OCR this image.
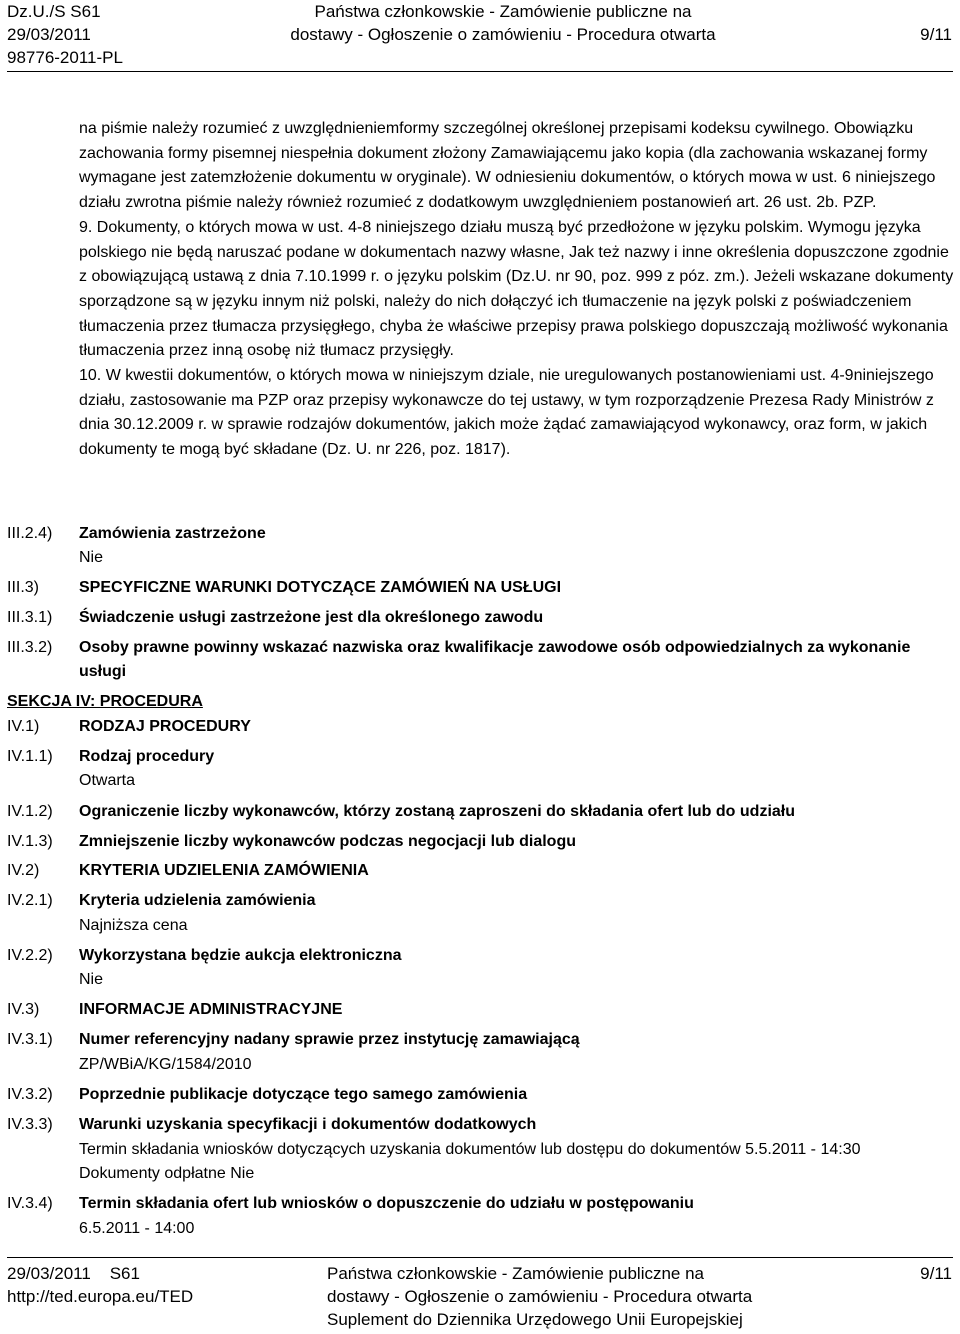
Dz.U./S S61
29/03/2011
98776-2011-PL
Państwa członkowskie - Zamówienie publiczne na
dostawy - Ogłoszenie o zamówieniu - Procedura otwarta	9/11

na piśmie należy rozumieć z uwzględnieniemformy szczególnej określonej przepisami kodeksu cywilnego. Obowiązku zachowania formy pisemnej niespełnia dokument złożony Zamawiającemu jako kopia (dla zachowania wskazanej formy wymagane jest zatemzłożenie dokumentu w oryginale). W odniesieniu dokumentów, o których mowa w ust. 6 niniejszego działu zwrotna piśmie należy również rozumieć z dodatkowym uwzględnieniem postanowień art. 26 ust. 2b. PZP.

9. Dokumenty, o których mowa w ust. 4-8 niniejszego działu muszą być przedłożone w języku polskim. Wymogu języka polskiego nie będą naruszać podane w dokumentach nazwy własne, Jak też nazwy i inne określenia dopuszczone zgodnie z obowiązującą ustawą z dnia 7.10.1999 r. o języku polskim (Dz.U. nr 90, poz. 999 z póz. zm.). Jeżeli wskazane dokumenty sporządzone są w języku innym niż polski, należy do nich dołączyć ich tłumaczenie na język polski z poświadczeniem tłumaczenia przez tłumacza przysięgłego, chyba że właściwe przepisy prawa polskiego dopuszczają możliwość wykonania tłumaczenia przez inną osobę niż tłumacz przysięgły.

10. W kwestii dokumentów, o których mowa w niniejszym dziale, nie uregulowanych postanowieniami ust. 4-9niniejszego działu, zastosowanie ma PZP oraz przepisy wykonawcze do tej ustawy, w tym rozporządzenie Prezesa Rady Ministrów z dnia 30.12.2009 r. w sprawie rodzajów dokumentów, jakich może żądać zamawiającyod wykonawcy, oraz form, w jakich dokumenty te mogą być składane (Dz. U. nr 226, poz. 1817).

III.2.4) Zamówienia zastrzeżone
Nie
III.3) SPECYFICZNE WARUNKI DOTYCZĄCE ZAMÓWIEŃ NA USŁUGI
III.3.1) Świadczenie usługi zastrzeżone jest dla określonego zawodu
III.3.2) Osoby prawne powinny wskazać nazwiska oraz kwalifikacje zawodowe osób odpowiedzialnych za wykonanie usługi
SEKCJA IV: PROCEDURA
IV.1) RODZAJ PROCEDURY
IV.1.1) Rodzaj procedury
Otwarta
IV.1.2) Ograniczenie liczby wykonawców, którzy zostaną zaproszeni do składania ofert lub do udziału
IV.1.3) Zmniejszenie liczby wykonawców podczas negocjacji lub dialogu
IV.2) KRYTERIA UDZIELENIA ZAMÓWIENIA
IV.2.1) Kryteria udzielenia zamówienia
Najniższa cena
IV.2.2) Wykorzystana będzie aukcja elektroniczna
Nie
IV.3) INFORMACJE ADMINISTRACYJNE
IV.3.1) Numer referencyjny nadany sprawie przez instytucję zamawiającą
ZP/WBiA/KG/1584/2010
IV.3.2) Poprzednie publikacje dotyczące tego samego zamówienia
IV.3.3) Warunki uzyskania specyfikacji i dokumentów dodatkowych
Termin składania wniosków dotyczących uzyskania dokumentów lub dostępu do dokumentów 5.5.2011 - 14:30
Dokumenty odpłatne Nie
IV.3.4) Termin składania ofert lub wniosków o dopuszczenie do udziału w postępowaniu
6.5.2011 - 14:00
29/03/2011    S61
http://ted.europa.eu/TED
Państwa członkowskie - Zamówienie publiczne na
dostawy - Ogłoszenie o zamówieniu - Procedura otwarta
Suplement do Dziennika Urzędowego Unii Europejskiej
9/11
